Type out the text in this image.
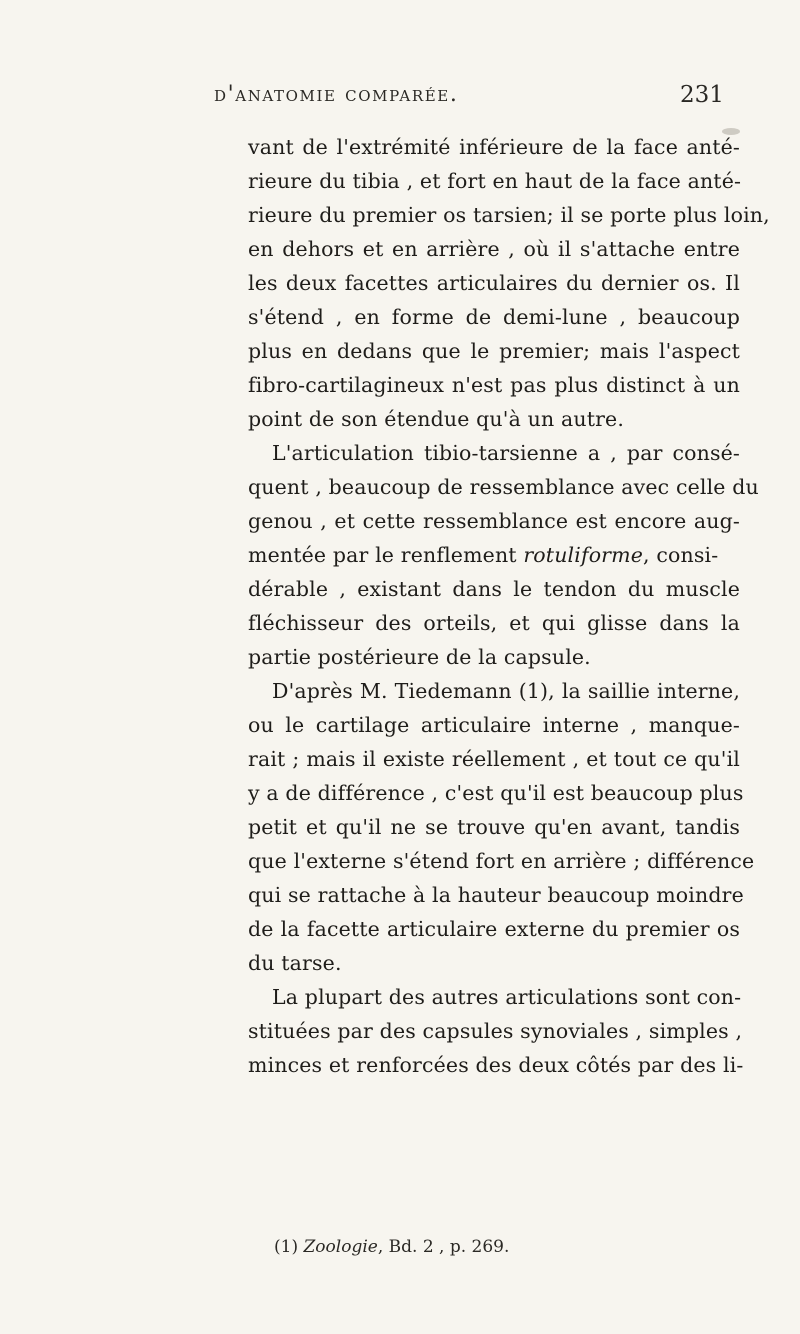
d'anatomie comparée.	231
vant de l'extrémité inférieure de la face anté-
rieure du tibia , et fort en haut de la face anté-
rieure du premier os tarsien; il se porte plus loin,
en dehors et en arrière , où il s'attache entre
les deux facettes articulaires du dernier os. Il
s'étend , en forme de demi-lune , beaucoup
plus en dedans que le premier; mais l'aspect
fibro-cartilagineux n'est pas plus distinct à un
point de son étendue qu'à un autre.
L'articulation tibio-tarsienne a , par consé-
quent , beaucoup de ressemblance avec celle du
genou , et cette ressemblance est encore aug-
mentée par le renflement rotuliforme, consi-
dérable , existant dans le tendon du muscle
fléchisseur des orteils, et qui glisse dans la
partie postérieure de la capsule.
D'après M. Tiedemann (1), la saillie interne,
ou le cartilage articulaire interne , manque-
rait ; mais il existe réellement , et tout ce qu'il
y a de différence , c'est qu'il est beaucoup plus
petit et qu'il ne se trouve qu'en avant, tandis
que l'externe s'étend fort en arrière ; différence
qui se rattache à la hauteur beaucoup moindre
de la facette articulaire externe du premier os
du tarse.
La plupart des autres articulations sont con-
stituées par des capsules synoviales , simples ,
minces et renforcées des deux côtés par des li-
(1) Zoologie, Bd. 2 , p. 269.
